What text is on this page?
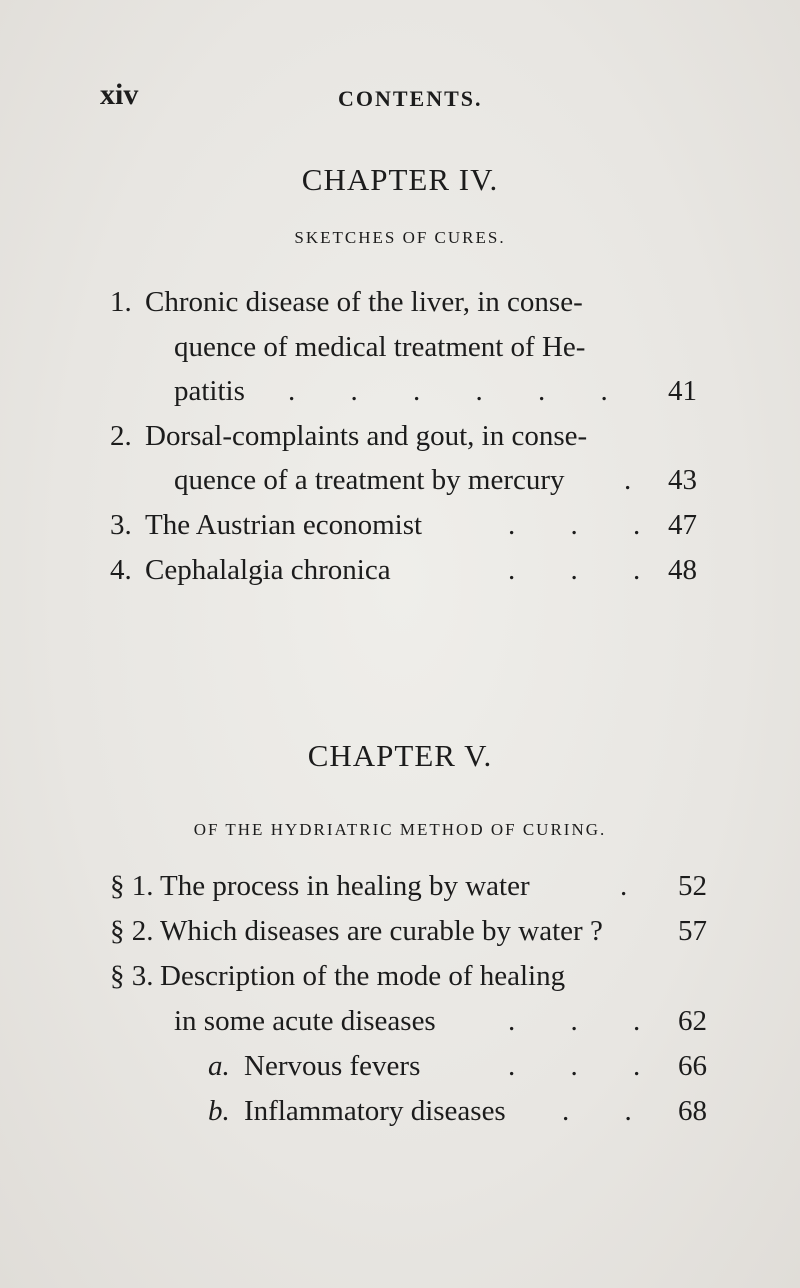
xiv	CONTENTS.
CHAPTER IV.
SKETCHES OF CURES.
1. Chronic disease of the liver, in conse-
quence of medical treatment of He-
patitis . . . . . . 41
2. Dorsal-complaints and gout, in conse-
quence of a treatment by mercury . 43
3. The Austrian economist	. . . 47
4. Cephalalgia chronica	. . . 48
CHAPTER V.
OF THE HYDRIATRIC METHOD OF CURING.
§ 1. The process in healing by water	. 52
§ 2. Which diseases are curable by water ?	57
§ 3. Description of the mode of healing
in some acute diseases . . . 62
a. Nervous fevers	. . . 66
b. Inflammatory diseases . . 68
